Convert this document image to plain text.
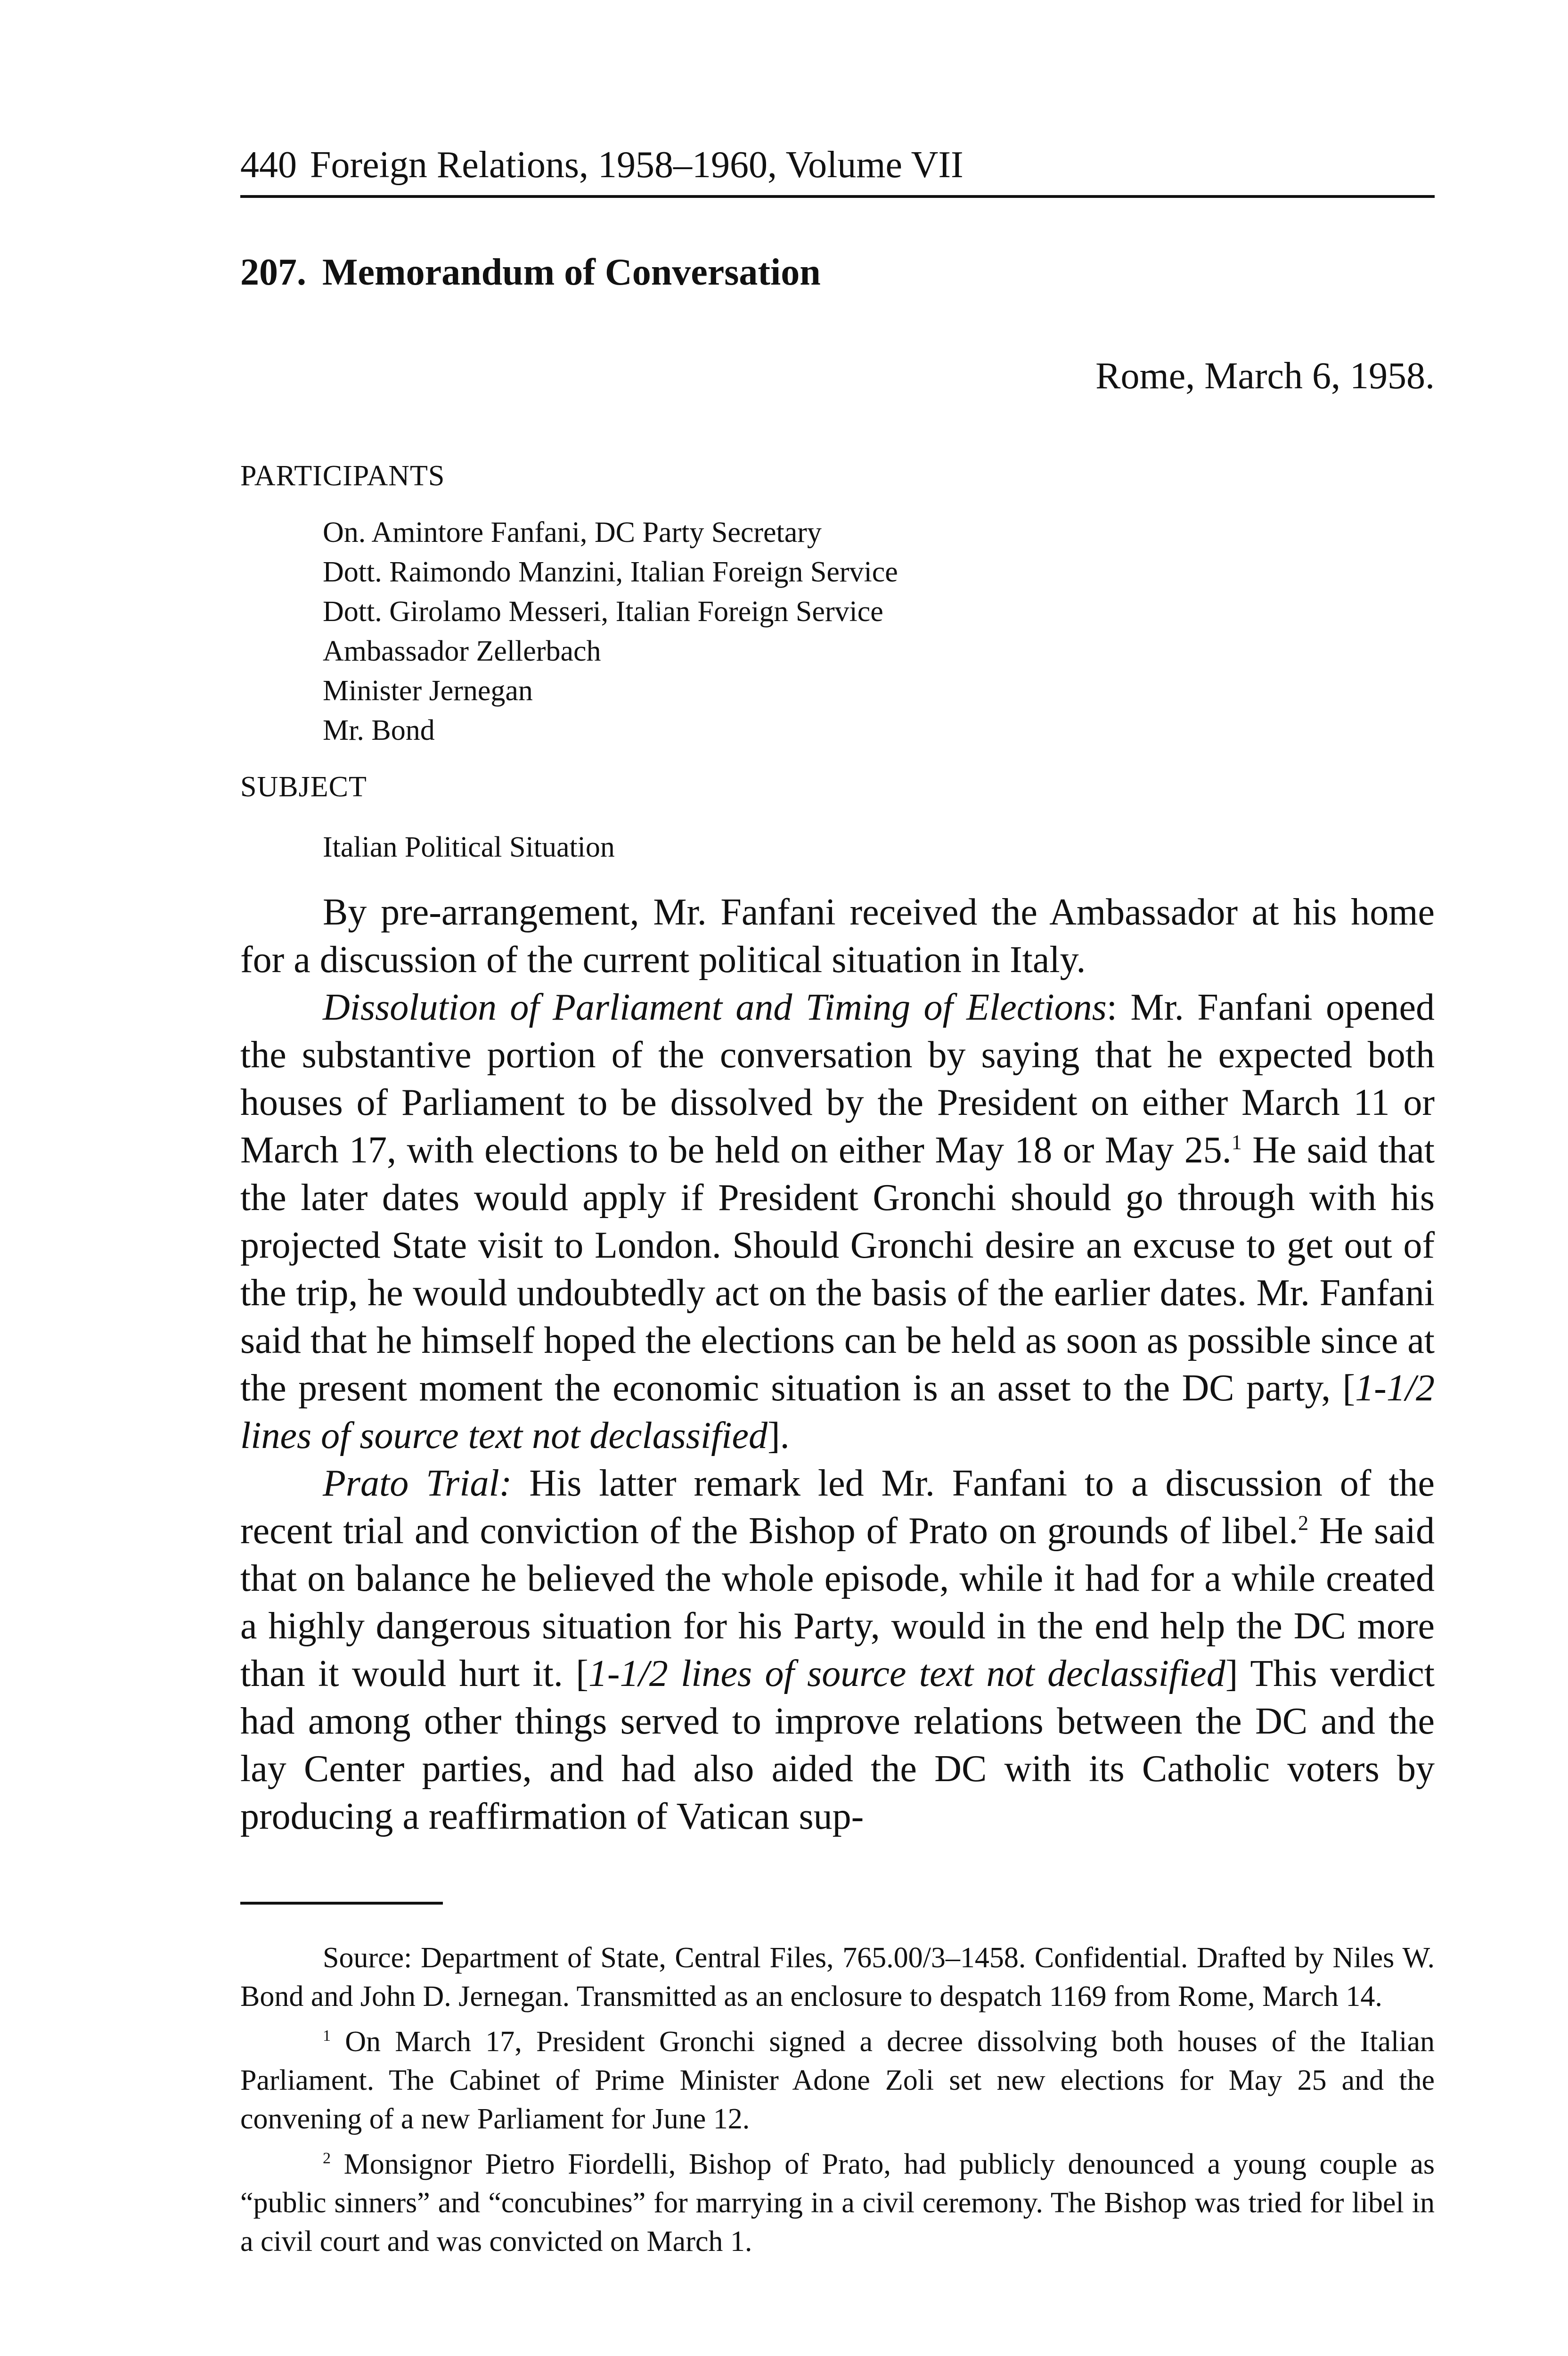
440 Foreign Relations, 1958–1960, Volume VII
207. Memorandum of Conversation
Rome, March 6, 1958.
PARTICIPANTS
On. Amintore Fanfani, DC Party Secretary
Dott. Raimondo Manzini, Italian Foreign Service
Dott. Girolamo Messeri, Italian Foreign Service
Ambassador Zellerbach
Minister Jernegan
Mr. Bond
SUBJECT
Italian Political Situation

By pre-arrangement, Mr. Fanfani received the Ambassador at his home for a discussion of the current political situation in Italy.

Dissolution of Parliament and Timing of Elections: Mr. Fanfani opened the substantive portion of the conversation by saying that he expected both houses of Parliament to be dissolved by the President on either March 11 or March 17, with elections to be held on either May 18 or May 25.$^1$ He said that the later dates would apply if President Gronchi should go through with his projected State visit to London. Should Gronchi desire an excuse to get out of the trip, he would undoubtedly act on the basis of the earlier dates. Mr. Fanfani said that he himself hoped the elections can be held as soon as possible since at the present moment the economic situation is an asset to the DC party, [1-1/2 lines of source text not declassified].

Prato Trial: His latter remark led Mr. Fanfani to a discussion of the recent trial and conviction of the Bishop of Prato on grounds of libel.$^2$ He said that on balance he believed the whole episode, while it had for a while created a highly dangerous situation for his Party, would in the end help the DC more than it would hurt it. [1-1/2 lines of source text not declassified] This verdict had among other things served to improve relations between the DC and the lay Center parties, and had also aided the DC with its Catholic voters by producing a reaffirmation of Vatican sup-

Source: Department of State, Central Files, 765.00/3–1458. Confidential. Drafted by Niles W. Bond and John D. Jernegan. Transmitted as an enclosure to despatch 1169 from Rome, March 14.

$^1$ On March 17, President Gronchi signed a decree dissolving both houses of the Italian Parliament. The Cabinet of Prime Minister Adone Zoli set new elections for May 25 and the convening of a new Parliament for June 12.

$^2$ Monsignor Pietro Fiordelli, Bishop of Prato, had publicly denounced a young couple as “public sinners” and “concubines” for marrying in a civil ceremony. The Bishop was tried for libel in a civil court and was convicted on March 1.
